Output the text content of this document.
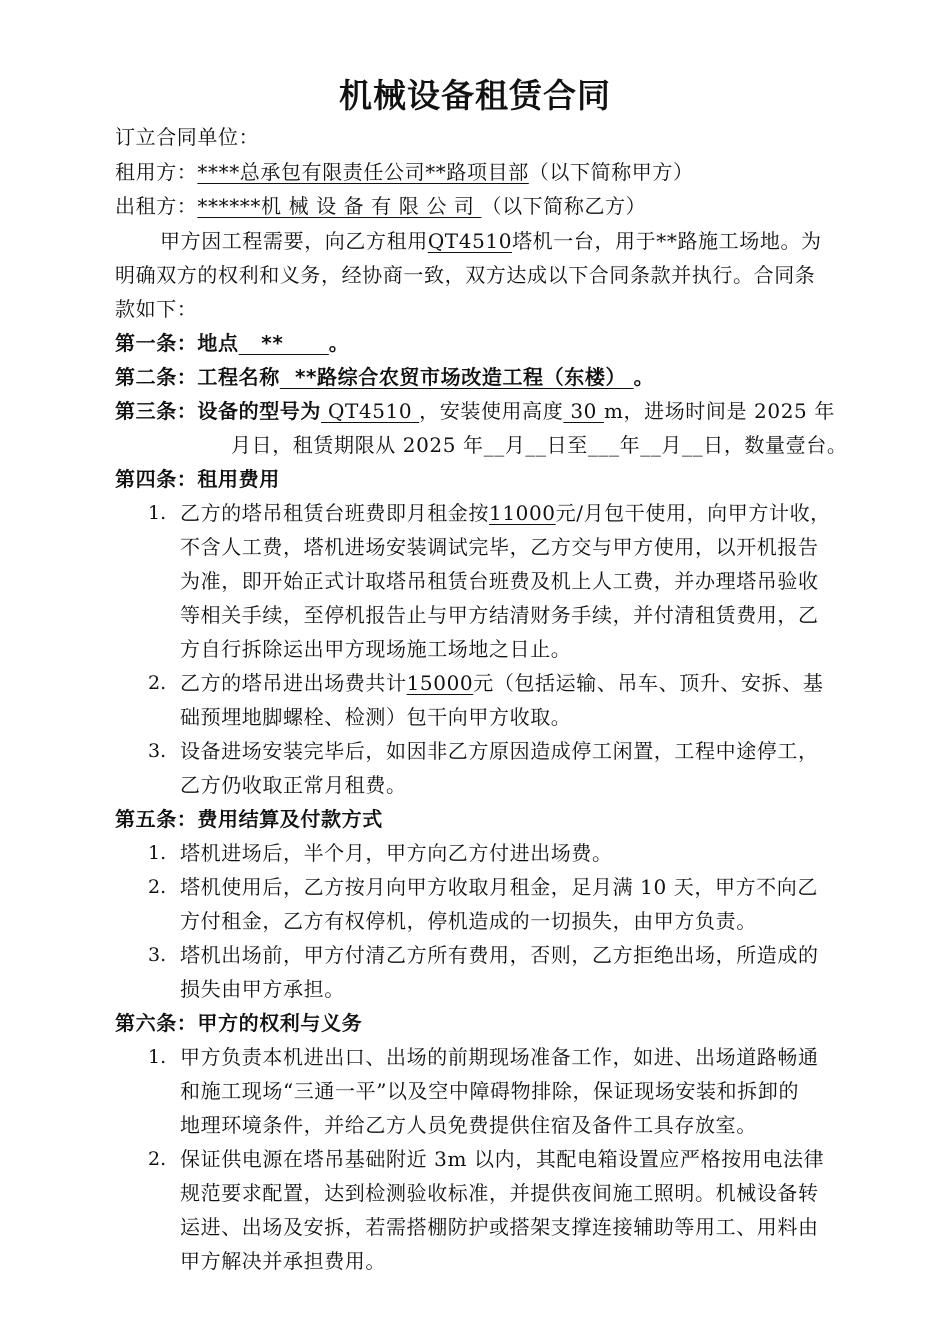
机械设备租赁合同
订立合同单位：
租用方：****总承包有限责任公司**路项目部（以下简称甲方）
出租方：******机 械 设 备 有 限 公 司 （以下简称乙方）
甲方因工程需要，向乙方租用QT4510塔机一台，用于**路施工场地。为
明确双方的权利和义务，经协商一致，双方达成以下合同条款并执行。合同条
款如下：
第一条：地点   **      。
第二条：工程名称  **路综合农贸市场改造工程（东楼） 。
第三条：设备的型号为 QT4510 ，安装使用高度 30 m，进场时间是 2025 年
月日，租赁期限从 2025 年__月__日至___年__月__日，数量壹台。
第四条：租用费用
1. 乙方的塔吊租赁台班费即月租金按11000元/月包干使用，向甲方计收，
不含人工费，塔机进场安装调试完毕，乙方交与甲方使用，以开机报告
为准，即开始正式计取塔吊租赁台班费及机上人工费，并办理塔吊验收
等相关手续，至停机报告止与甲方结清财务手续，并付清租赁费用，乙
方自行拆除运出甲方现场施工场地之日止。
2. 乙方的塔吊进出场费共计15000元（包括运输、吊车、顶升、安拆、基
础预埋地脚螺栓、检测）包干向甲方收取。
3. 设备进场安装完毕后，如因非乙方原因造成停工闲置，工程中途停工，
乙方仍收取正常月租费。
第五条：费用结算及付款方式
1. 塔机进场后，半个月，甲方向乙方付进出场费。
2. 塔机使用后，乙方按月向甲方收取月租金，足月满 10 天，甲方不向乙
方付租金，乙方有权停机，停机造成的一切损失，由甲方负责。
3. 塔机出场前，甲方付清乙方所有费用，否则，乙方拒绝出场，所造成的
损失由甲方承担。
第六条：甲方的权利与义务
1. 甲方负责本机进出口、出场的前期现场准备工作，如进、出场道路畅通
和施工现场“三通一平”以及空中障碍物排除，保证现场安装和拆卸的
地理环境条件，并给乙方人员免费提供住宿及备件工具存放室。
2. 保证供电源在塔吊基础附近 3m 以内，其配电箱设置应严格按用电法律
规范要求配置，达到检测验收标准，并提供夜间施工照明。机械设备转
运进、出场及安拆，若需搭棚防护或搭架支撑连接辅助等用工、用料由
甲方解决并承担费用。
